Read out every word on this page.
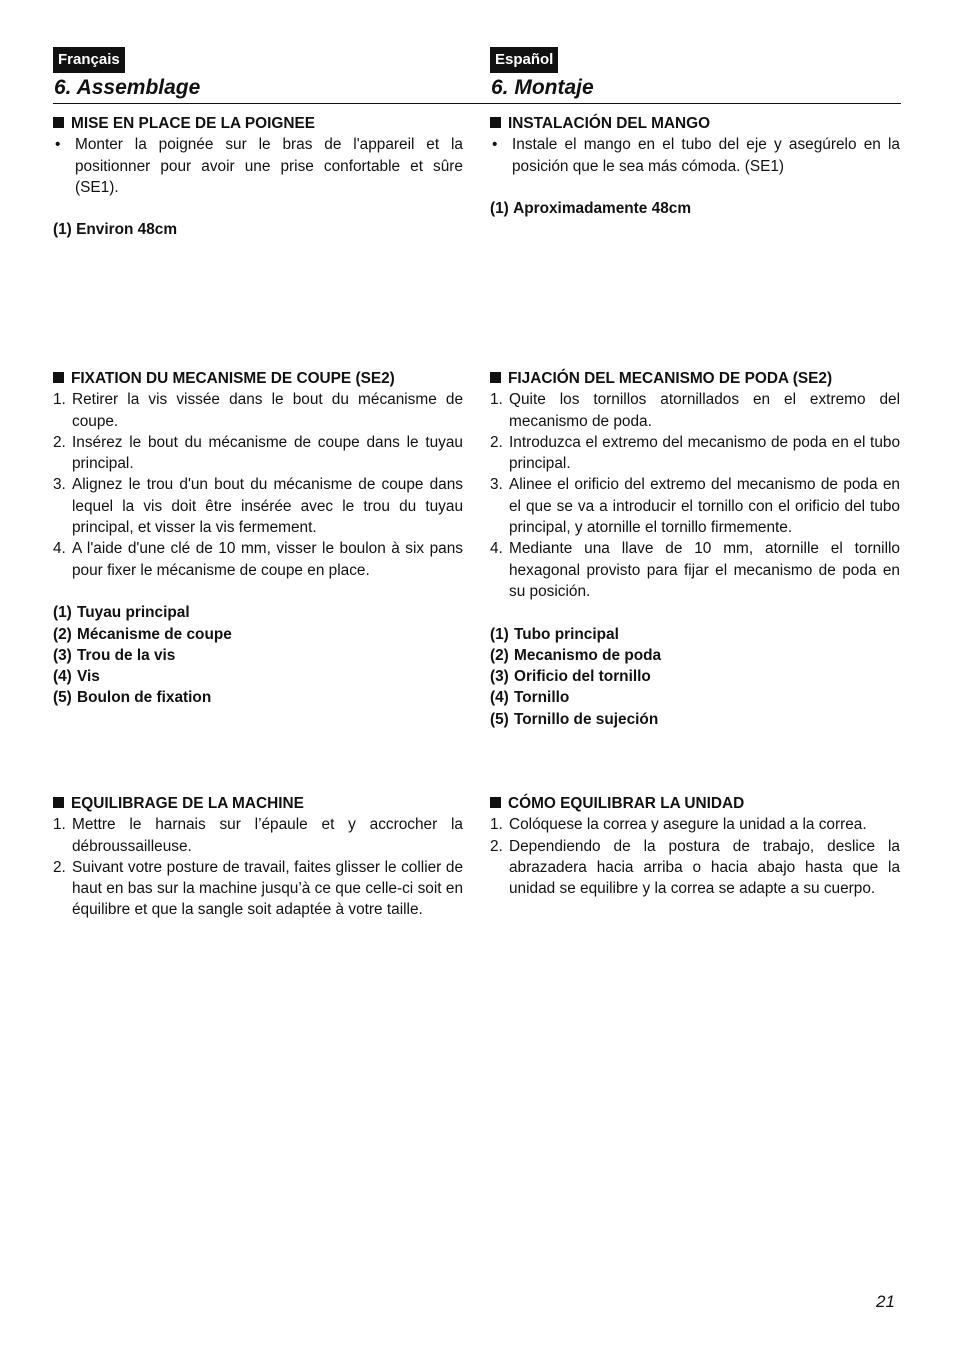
Français
6. Assemblage
MISE EN PLACE DE LA POIGNEE
• Monter la poignée sur le bras de l'appareil et la positionner pour avoir une prise confortable et sûre (SE1).
(1)
Environ 48cm
FIXATION DU MECANISME DE COUPE (SE2)
1. Retirer la vis vissée dans le bout du mécanisme de coupe.
2. Insérez le bout du mécanisme de coupe dans le tuyau principal.
3. Alignez le trou d'un bout du mécanisme de coupe dans lequel la vis doit être insérée avec le trou du tuyau principal, et visser la vis fermement.
4. A l'aide d'une clé de 10 mm, visser le boulon à six pans pour fixer le mécanisme de coupe en place.
(1) Tuyau principal
(2) Mécanisme de coupe
(3) Trou de la vis
(4) Vis
(5) Boulon de fixation
EQUILIBRAGE DE LA MACHINE
1. Mettre le harnais sur l’épaule et y accrocher la débroussailleuse.
2. Suivant votre posture de travail, faites glisser le collier de haut en bas sur la machine jusqu’à ce que celle-ci soit en équilibre et que la sangle soit adaptée à votre taille.
Español
6. Montaje
INSTALACIÓN DEL MANGO
• Instale el mango en el tubo del eje y asegúrelo en la posición que le sea más cómoda. (SE1)
(1)
Aproximadamente 48cm
FIJACIÓN DEL MECANISMO DE PODA (SE2)
1. Quite los tornillos atornillados en el extremo del mecanismo de poda.
2. Introduzca el extremo del mecanismo de poda en el tubo principal.
3. Alinee el orificio del extremo del mecanismo de poda en el que se va a introducir el tornillo con el orificio del tubo principal, y atornille el tornillo firmemente.
4. Mediante una llave de 10 mm, atornille el tornillo hexagonal provisto para fijar el mecanismo de poda en su posición.
(1) Tubo principal
(2) Mecanismo de poda
(3) Orificio del tornillo
(4) Tornillo
(5) Tornillo de sujeción
CÓMO EQUILIBRAR LA UNIDAD
1. Colóquese la correa y asegure la unidad a la correa.
2. Dependiendo de la postura de trabajo, deslice la abrazadera hacia arriba o hacia abajo hasta que la unidad se equilibre y la correa se adapte a su cuerpo.
21
